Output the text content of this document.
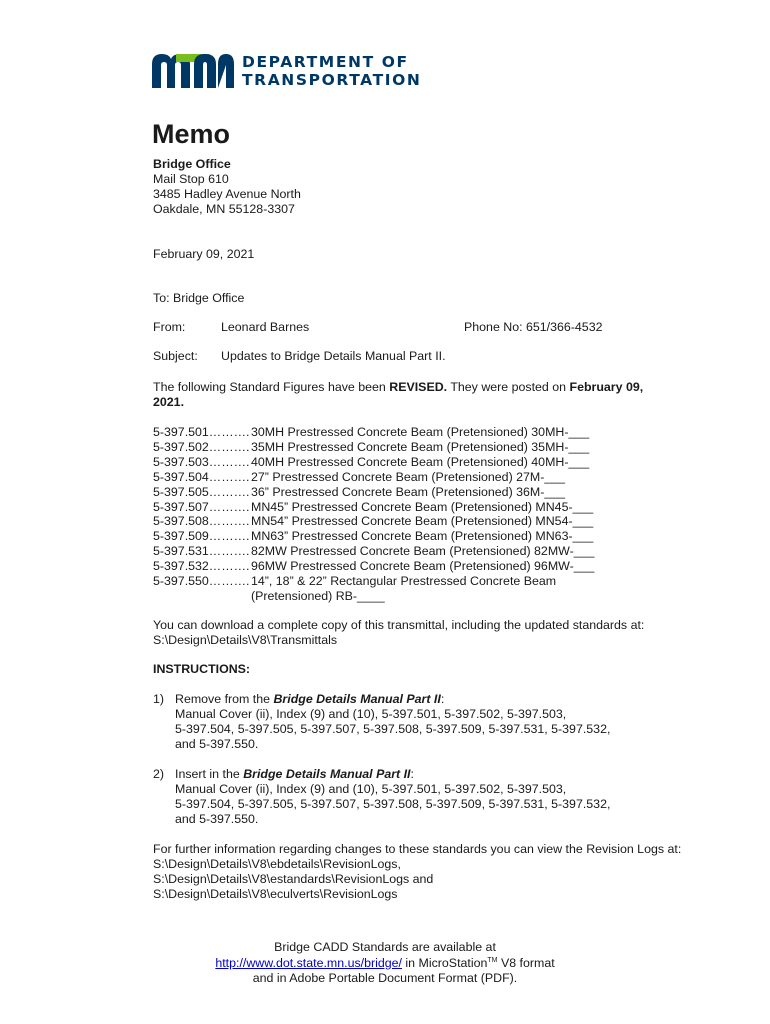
DEPARTMENT OF
TRANSPORTATION
Memo
Bridge Office
Mail Stop 610
3485 Hadley Avenue North
Oakdale, MN 55128-3307
February 09, 2021
To: Bridge Office
From:	Leonard Barnes	Phone No: 651/366-4532
Subject: Updates to Bridge Details Manual Part II.
The following Standard Figures have been REVISED. They were posted on February 09,
2021.
5-397.501………. 30MH Prestressed Concrete Beam (Pretensioned) 30MH-___
5-397.502………. 35MH Prestressed Concrete Beam (Pretensioned) 35MH-___
5-397.503………. 40MH Prestressed Concrete Beam (Pretensioned) 40MH-___
5-397.504………. 27” Prestressed Concrete Beam (Pretensioned) 27M-___
5-397.505………. 36” Prestressed Concrete Beam (Pretensioned) 36M-___
5-397.507………. MN45” Prestressed Concrete Beam (Pretensioned) MN45-___
5-397.508………. MN54” Prestressed Concrete Beam (Pretensioned) MN54-___
5-397.509………. MN63” Prestressed Concrete Beam (Pretensioned) MN63-___
5-397.531………. 82MW Prestressed Concrete Beam (Pretensioned) 82MW-___
5-397.532………. 96MW Prestressed Concrete Beam (Pretensioned) 96MW-___
5-397.550………. 14”, 18” & 22” Rectangular Prestressed Concrete Beam (Pretensioned) RB-____
You can download a complete copy of this transmittal, including the updated standards at:
S:\Design\Details\V8\Transmittals
INSTRUCTIONS:
1) Remove from the Bridge Details Manual Part II:
Manual Cover (ii), Index (9) and (10), 5-397.501, 5-397.502, 5-397.503,
5-397.504, 5-397.505, 5-397.507, 5-397.508, 5-397.509, 5-397.531, 5-397.532,
and 5-397.550.
2) Insert in the Bridge Details Manual Part II:
Manual Cover (ii), Index (9) and (10), 5-397.501, 5-397.502, 5-397.503,
5-397.504, 5-397.505, 5-397.507, 5-397.508, 5-397.509, 5-397.531, 5-397.532,
and 5-397.550.
For further information regarding changes to these standards you can view the Revision Logs at:
S:\Design\Details\V8\ebdetails\RevisionLogs,
S:\Design\Details\V8\estandards\RevisionLogs and
S:\Design\Details\V8\eculverts\RevisionLogs
Bridge CADD Standards are available at
http://www.dot.state.mn.us/bridge/ in MicroStation™ V8 format
and in Adobe Portable Document Format (PDF).
